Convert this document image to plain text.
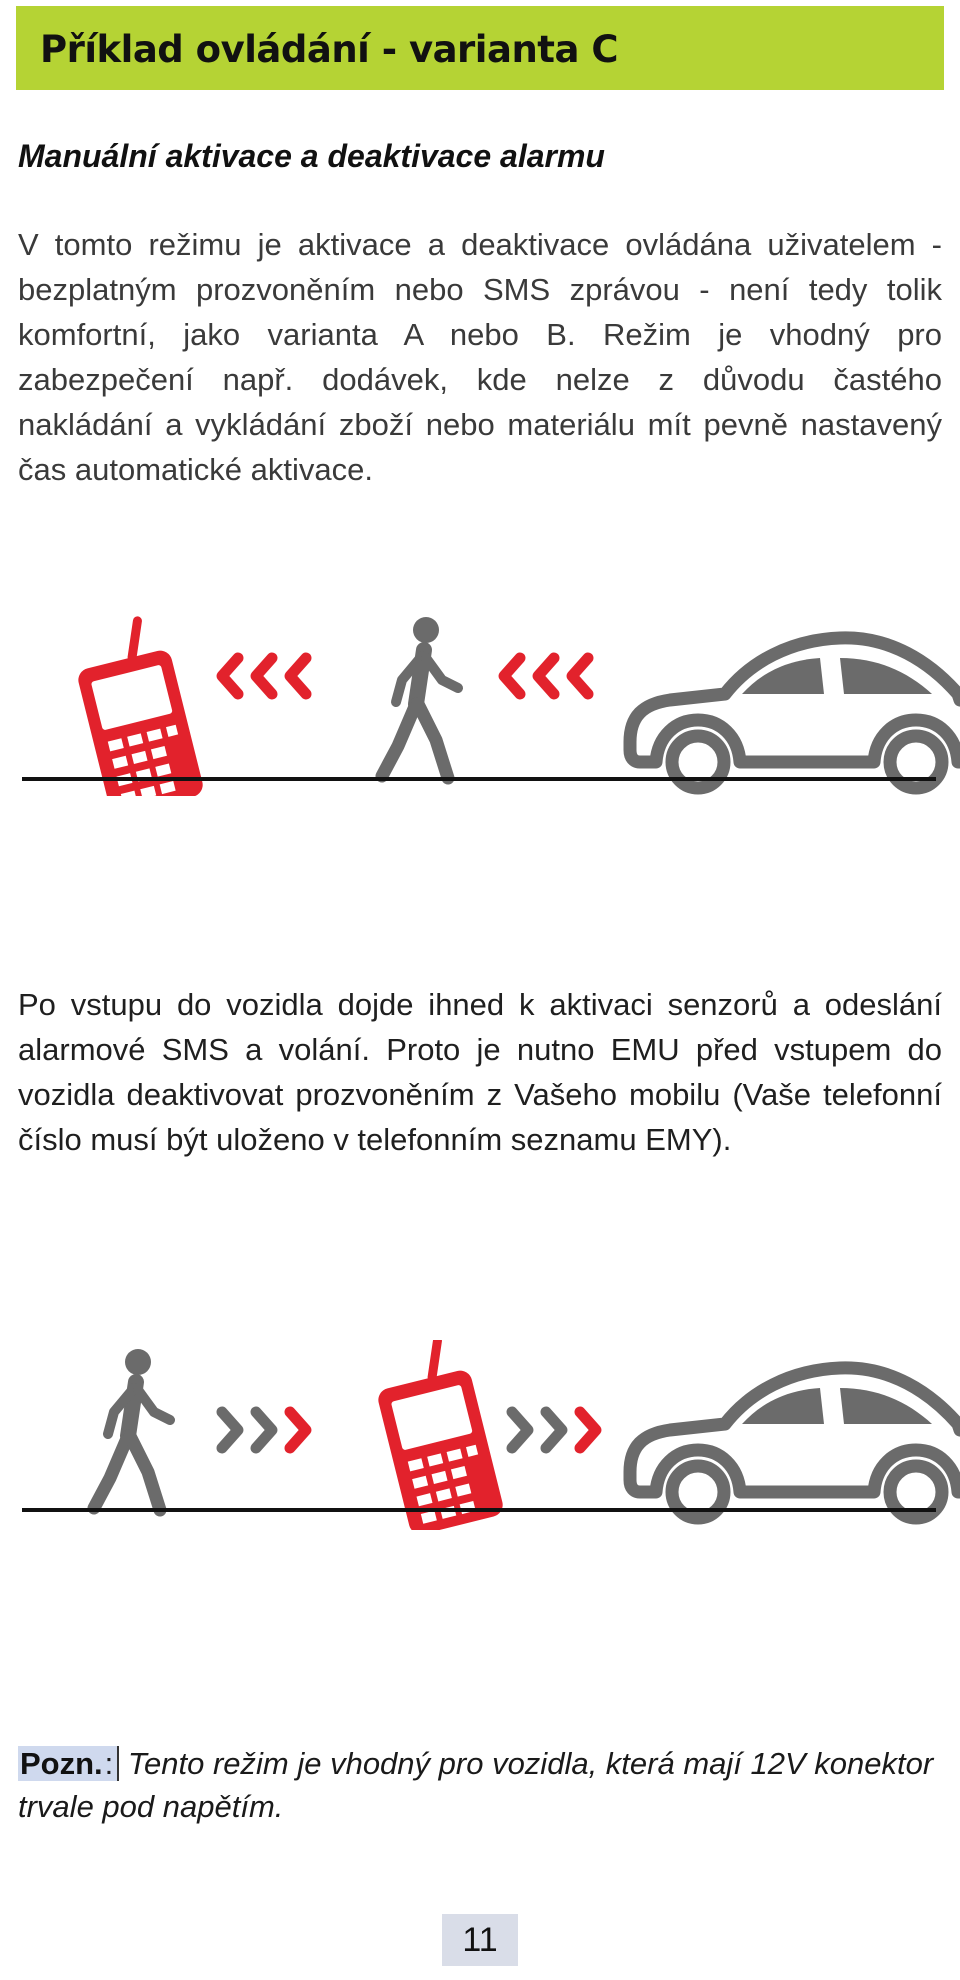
Příklad ovládání - varianta C
Manuální aktivace a deaktivace alarmu

V tomto režimu je aktivace a deaktivace ovládána uživatelem - bezplatným prozvoněním nebo SMS zprávou - není tedy tolik komfortní, jako varianta A nebo B. Režim je vhodný pro zabezpečení např. dodávek, kde nelze z důvodu častého nakládání a vykládání zboží nebo materiálu mít pevně nastavený čas automatické aktivace.

Po vstupu do vozidla dojde ihned k aktivaci senzorů a odeslání alarmové SMS a volání. Proto je nutno EMU před vstupem do vozidla deaktivovat prozvoněním z Vašeho mobilu (Vaše telefonní číslo musí být uloženo v telefonním seznamu EMY).

Pozn.: Tento režim je vhodný pro vozidla, která mají 12V konektor trvale pod napětím.

11
